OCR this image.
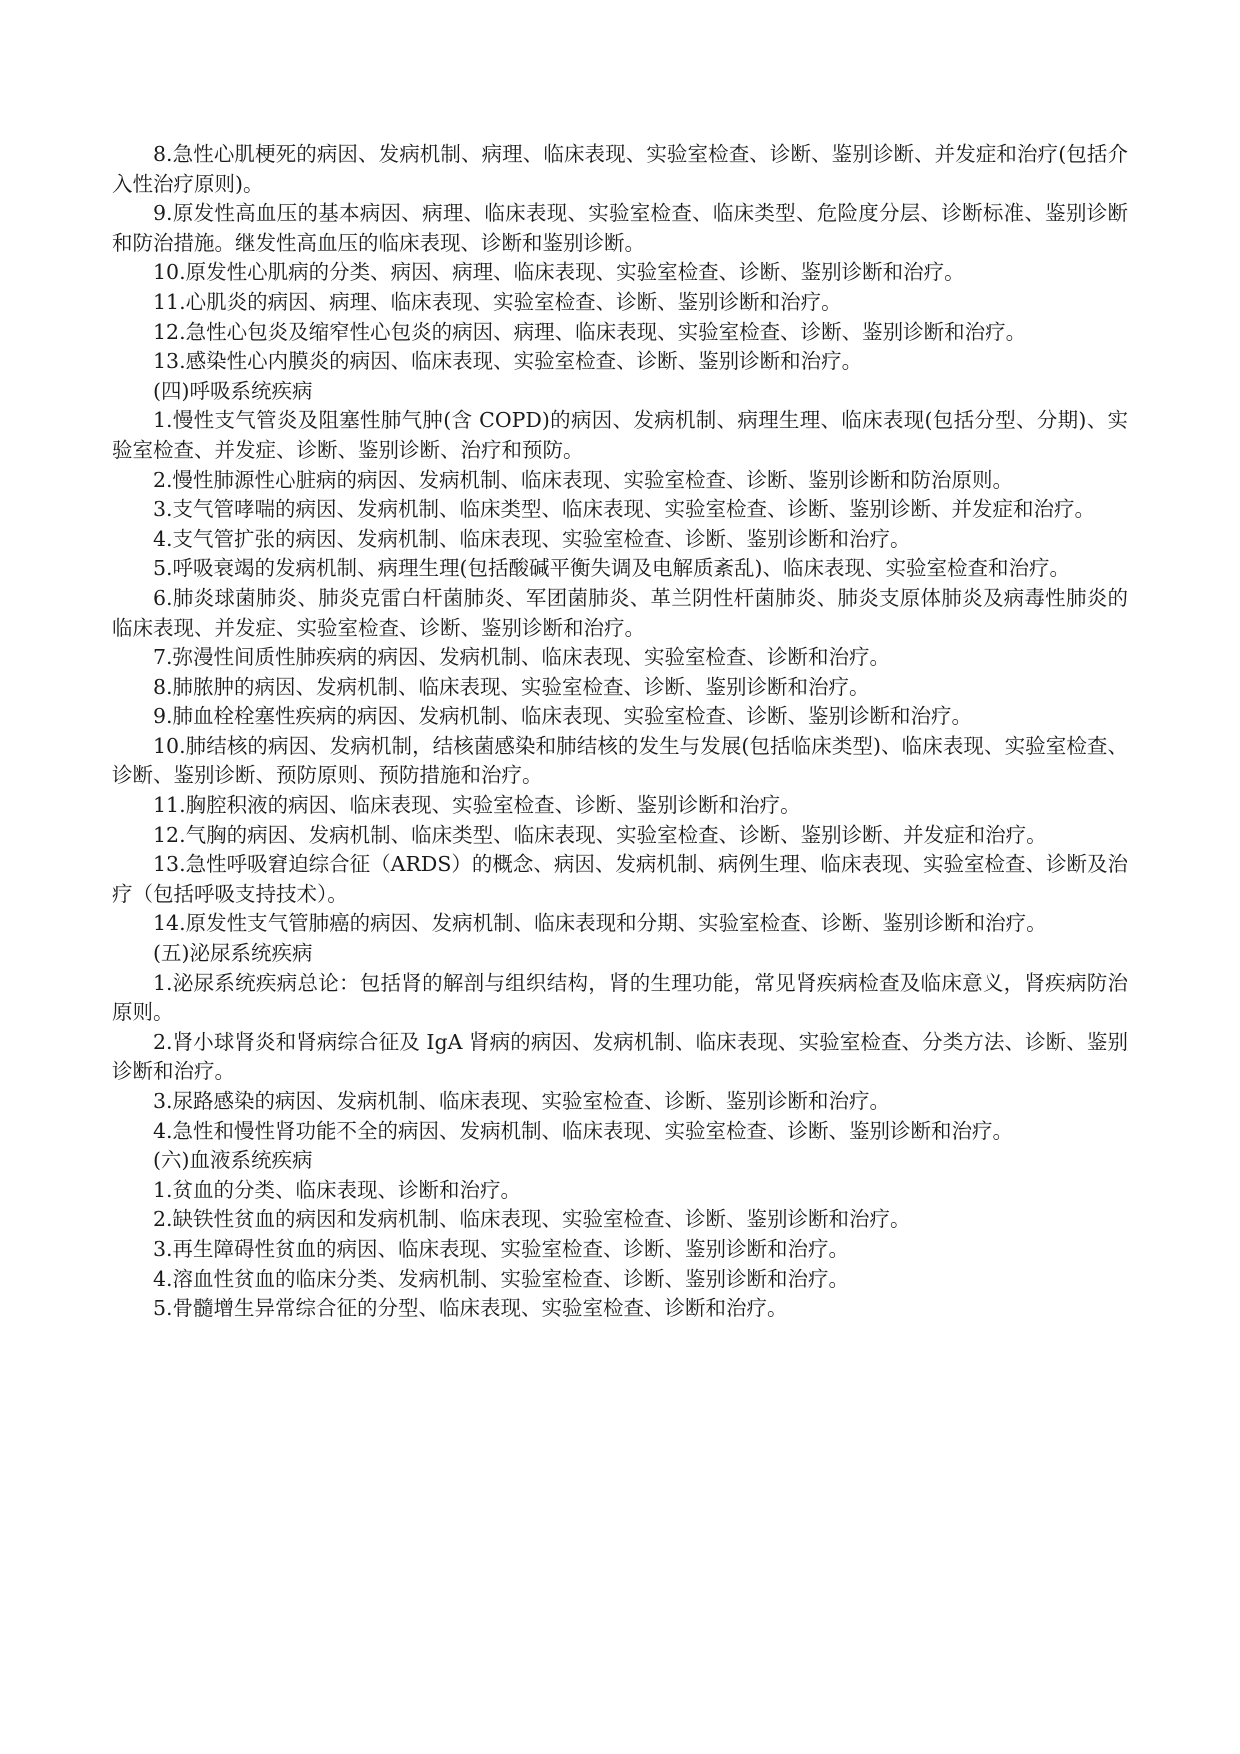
8.急性心肌梗死的病因、发病机制、病理、临床表现、实验室检查、诊断、鉴别诊断、并发症和治疗(包括介入性治疗原则)。

9.原发性高血压的基本病因、病理、临床表现、实验室检查、临床类型、危险度分层、诊断标准、鉴别诊断和防治措施。继发性高血压的临床表现、诊断和鉴别诊断。

10.原发性心肌病的分类、病因、病理、临床表现、实验室检查、诊断、鉴别诊断和治疗。

11.心肌炎的病因、病理、临床表现、实验室检查、诊断、鉴别诊断和治疗。

12.急性心包炎及缩窄性心包炎的病因、病理、临床表现、实验室检查、诊断、鉴别诊断和治疗。

13.感染性心内膜炎的病因、临床表现、实验室检查、诊断、鉴别诊断和治疗。

(四)呼吸系统疾病

1.慢性支气管炎及阻塞性肺气肿(含 COPD)的病因、发病机制、病理生理、临床表现(包括分型、分期)、实验室检查、并发症、诊断、鉴别诊断、治疗和预防。

2.慢性肺源性心脏病的病因、发病机制、临床表现、实验室检查、诊断、鉴别诊断和防治原则。

3.支气管哮喘的病因、发病机制、临床类型、临床表现、实验室检查、诊断、鉴别诊断、并发症和治疗。

4.支气管扩张的病因、发病机制、临床表现、实验室检查、诊断、鉴别诊断和治疗。

5.呼吸衰竭的发病机制、病理生理(包括酸碱平衡失调及电解质紊乱)、临床表现、实验室检查和治疗。

6.肺炎球菌肺炎、肺炎克雷白杆菌肺炎、军团菌肺炎、革兰阴性杆菌肺炎、肺炎支原体肺炎及病毒性肺炎的临床表现、并发症、实验室检查、诊断、鉴别诊断和治疗。

7.弥漫性间质性肺疾病的病因、发病机制、临床表现、实验室检查、诊断和治疗。

8.肺脓肿的病因、发病机制、临床表现、实验室检查、诊断、鉴别诊断和治疗。

9.肺血栓栓塞性疾病的病因、发病机制、临床表现、实验室检查、诊断、鉴别诊断和治疗。

10.肺结核的病因、发病机制，结核菌感染和肺结核的发生与发展(包括临床类型)、临床表现、实验室检查、诊断、鉴别诊断、预防原则、预防措施和治疗。

11.胸腔积液的病因、临床表现、实验室检查、诊断、鉴别诊断和治疗。

12.气胸的病因、发病机制、临床类型、临床表现、实验室检查、诊断、鉴别诊断、并发症和治疗。

13.急性呼吸窘迫综合征（ARDS）的概念、病因、发病机制、病例生理、临床表现、实验室检查、诊断及治疗（包括呼吸支持技术）。

14.原发性支气管肺癌的病因、发病机制、临床表现和分期、实验室检查、诊断、鉴别诊断和治疗。

(五)泌尿系统疾病

1.泌尿系统疾病总论：包括肾的解剖与组织结构，肾的生理功能，常见肾疾病检查及临床意义，肾疾病防治原则。

2.肾小球肾炎和肾病综合征及 IgA 肾病的病因、发病机制、临床表现、实验室检查、分类方法、诊断、鉴别诊断和治疗。

3.尿路感染的病因、发病机制、临床表现、实验室检查、诊断、鉴别诊断和治疗。

4.急性和慢性肾功能不全的病因、发病机制、临床表现、实验室检查、诊断、鉴别诊断和治疗。

(六)血液系统疾病

1.贫血的分类、临床表现、诊断和治疗。

2.缺铁性贫血的病因和发病机制、临床表现、实验室检查、诊断、鉴别诊断和治疗。

3.再生障碍性贫血的病因、临床表现、实验室检查、诊断、鉴别诊断和治疗。

4.溶血性贫血的临床分类、发病机制、实验室检查、诊断、鉴别诊断和治疗。

5.骨髓增生异常综合征的分型、临床表现、实验室检查、诊断和治疗。
